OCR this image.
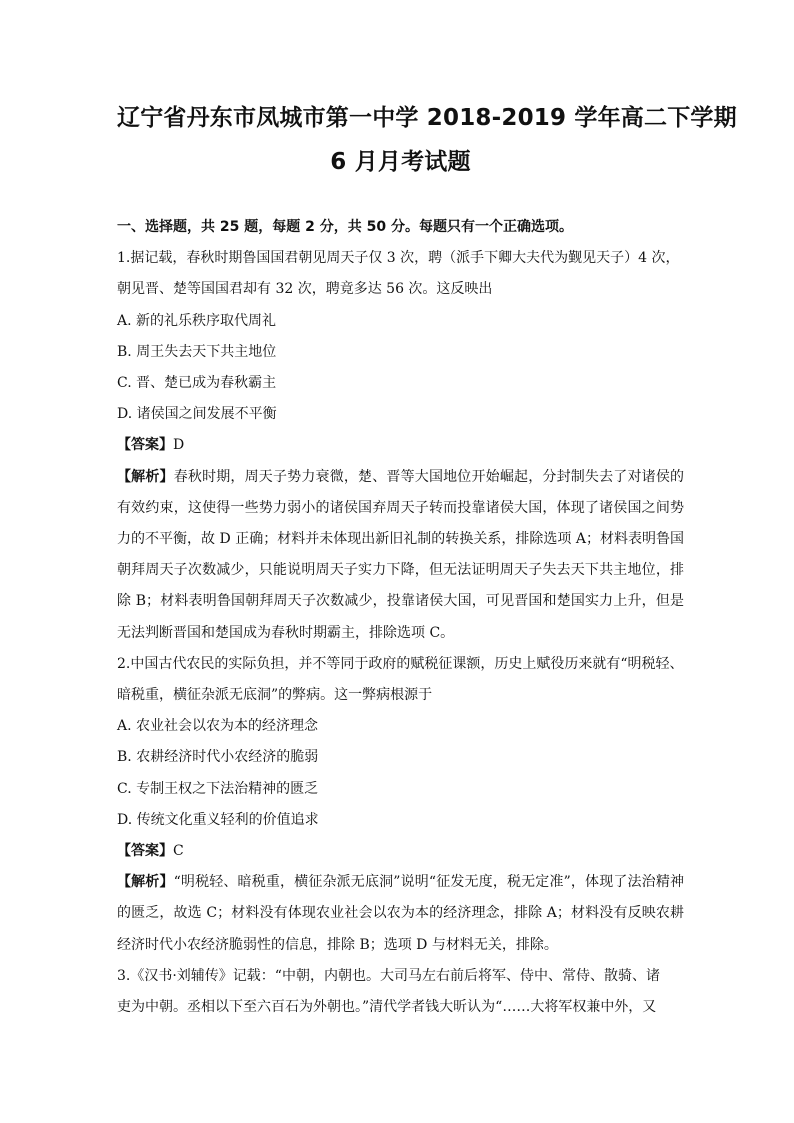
辽宁省丹东市凤城市第一中学 2018-2019 学年高二下学期
6 月月考试题
一、选择题，共 25 题，每题 2 分，共 50 分。每题只有一个正确选项。
1.据记载，春秋时期鲁国国君朝见周天子仅 3 次，聘（派手下卿大夫代为觐见天子）4 次，
朝见晋、楚等国国君却有 32 次，聘竟多达 56 次。这反映出
A. 新的礼乐秩序取代周礼
B. 周王失去天下共主地位
C. 晋、楚已成为春秋霸主
D. 诸侯国之间发展不平衡
【答案】D
【解析】春秋时期，周天子势力衰微，楚、晋等大国地位开始崛起，分封制失去了对诸侯的有效约束，这使得一些势力弱小的诸侯国弃周天子转而投靠诸侯大国，体现了诸侯国之间势力的不平衡，故 D 正确；材料并未体现出新旧礼制的转换关系，排除选项 A；材料表明鲁国朝拜周天子次数减少，只能说明周天子实力下降，但无法证明周天子失去天下共主地位，排除 B；材料表明鲁国朝拜周天子次数减少，投靠诸侯大国，可见晋国和楚国实力上升，但是无法判断晋国和楚国成为春秋时期霸主，排除选项 C。
2.中国古代农民的实际负担，并不等同于政府的赋税征课额，历史上赋役历来就有“明税轻、
暗税重，横征杂派无底洞”的弊病。这一弊病根源于
A. 农业社会以农为本的经济理念
B. 农耕经济时代小农经济的脆弱
C. 专制王权之下法治精神的匮乏
D. 传统文化重义轻利的价值追求
【答案】C
【解析】“明税轻、暗税重，横征杂派无底洞”说明“征发无度，税无定准”，体现了法治精神的匮乏，故选 C；材料没有体现农业社会以农为本的经济理念，排除 A；材料没有反映农耕经济时代小农经济脆弱性的信息，排除 B；选项 D 与材料无关，排除。
3.《汉书·刘辅传》记载：“中朝，内朝也。大司马左右前后将军、侍中、常侍、散骑、诸
吏为中朝。丞相以下至六百石为外朝也。”清代学者钱大昕认为“……大将军权兼中外，又
